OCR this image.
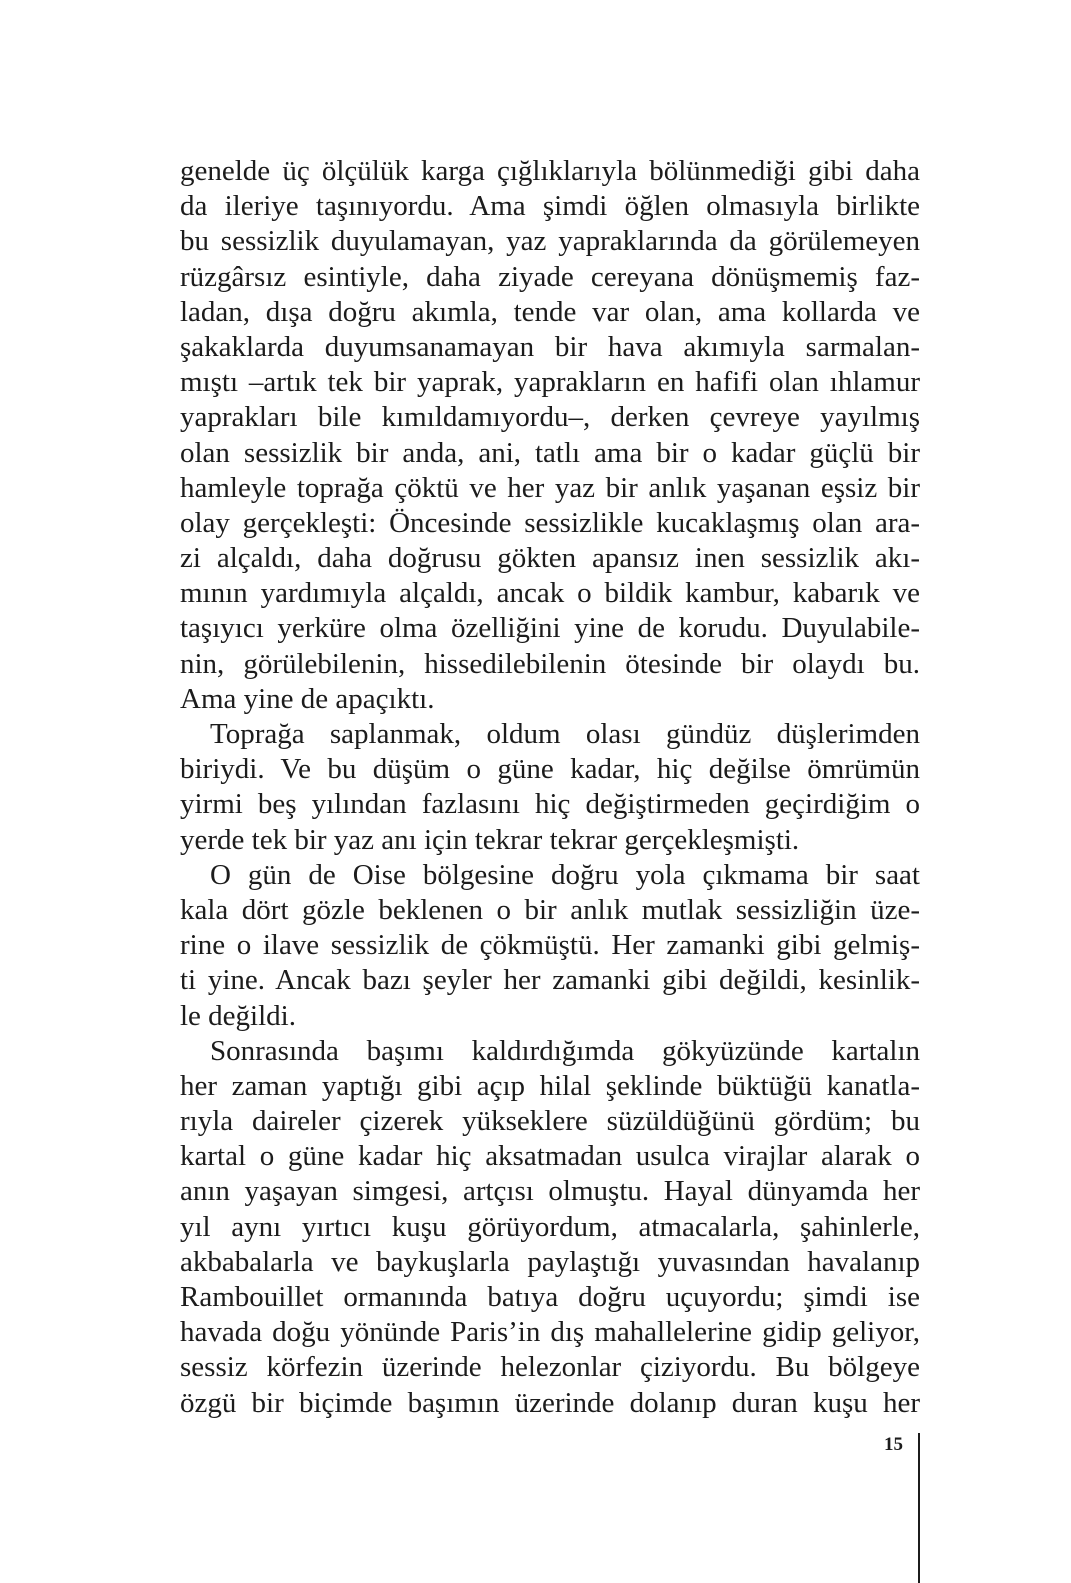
genelde üç ölçülük karga çığlıklarıyla bölünmediği gibi daha
da ileriye taşınıyordu. Ama şimdi öğlen olmasıyla birlikte
bu sessizlik duyulamayan, yaz yapraklarında da görülemeyen
rüzgârsız esintiyle, daha ziyade cereyana dönüşmemiş faz-
ladan, dışa doğru akımla, tende var olan, ama kollarda ve
şakaklarda duyumsanamayan bir hava akımıyla sarmalan-
mıştı –artık tek bir yaprak, yaprakların en hafifi olan ıhlamur
yaprakları bile kımıldamıyordu–, derken çevreye yayılmış
olan sessizlik bir anda, ani, tatlı ama bir o kadar güçlü bir
hamleyle toprağa çöktü ve her yaz bir anlık yaşanan eşsiz bir
olay gerçekleşti: Öncesinde sessizlikle kucaklaşmış olan ara-
zi alçaldı, daha doğrusu gökten apansız inen sessizlik akı-
mının yardımıyla alçaldı, ancak o bildik kambur, kabarık ve
taşıyıcı yerküre olma özelliğini yine de korudu. Duyulabile-
nin, görülebilenin, hissedilebilenin ötesinde bir olaydı bu.
Ama yine de apaçıktı.
Toprağa saplanmak, oldum olası gündüz düşlerimden
biriydi. Ve bu düşüm o güne kadar, hiç değilse ömrümün
yirmi beş yılından fazlasını hiç değiştirmeden geçirdiğim o
yerde tek bir yaz anı için tekrar tekrar gerçekleşmişti.
O gün de Oise bölgesine doğru yola çıkmama bir saat
kala dört gözle beklenen o bir anlık mutlak sessizliğin üze-
rine o ilave sessizlik de çökmüştü. Her zamanki gibi gelmiş-
ti yine. Ancak bazı şeyler her zamanki gibi değildi, kesinlik-
le değildi.
Sonrasında başımı kaldırdığımda gökyüzünde kartalın
her zaman yaptığı gibi açıp hilal şeklinde büktüğü kanatla-
rıyla daireler çizerek yükseklere süzüldüğünü gördüm; bu
kartal o güne kadar hiç aksatmadan usulca virajlar alarak o
anın yaşayan simgesi, artçısı olmuştu. Hayal dünyamda her
yıl aynı yırtıcı kuşu görüyordum, atmacalarla, şahinlerle,
akbabalarla ve baykuşlarla paylaştığı yuvasından havalanıp
Rambouillet ormanında batıya doğru uçuyordu; şimdi ise
havada doğu yönünde Paris’in dış mahallelerine gidip geliyor,
sessiz körfezin üzerinde helezonlar çiziyordu. Bu bölgeye
özgü bir biçimde başımın üzerinde dolanıp duran kuşu her
15
